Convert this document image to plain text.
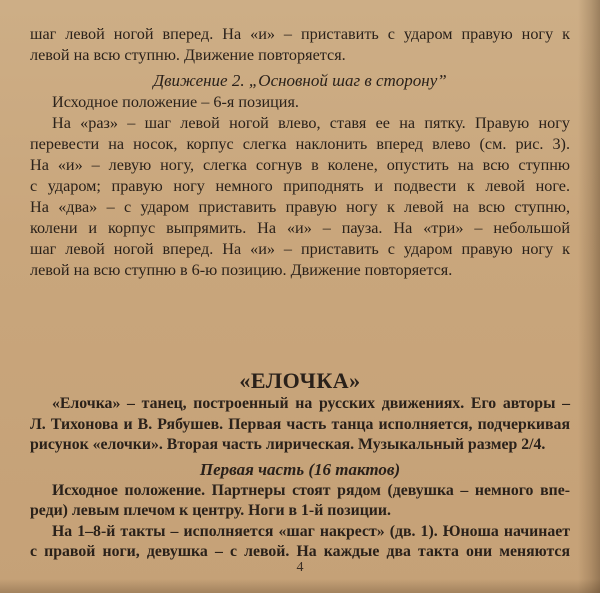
шаг левой ногой вперед. На «и» – приставить с ударом правую ногу к
левой на всю ступню. Движение повторяется.
Движение 2. „Основной шаг в сторону”
Исходное положение – 6-я позиция.
На «раз» – шаг левой ногой влево, ставя ее на пятку. Правую ногу
перевести на носок, корпус слегка наклонить вперед влево (см. рис. 3).
На «и» – левую ногу, слегка согнув в колене, опустить на всю ступню
с ударом; правую ногу немного приподнять и подвести к левой ноге.
На «два» – с ударом приставить правую ногу к левой на всю ступню,
колени и корпус выпрямить. На «и» – пауза. На «три» – небольшой
шаг левой ногой вперед. На «и» – приставить с ударом правую ногу к
левой на всю ступню в 6-ю позицию. Движение повторяется.
«ЕЛОЧКА»
«Елочка» – танец, построенный на русских движениях. Его авторы –
Л. Тихонова и В. Рябушев. Первая часть танца исполняется, подчеркивая
рисунок «елочки». Вторая часть лирическая. Музыкальный размер 2/4.
Первая часть (16 тактов)
Исходное положение. Партнеры стоят рядом (девушка – немного впе-
реди) левым плечом к центру. Ноги в 1-й позиции.
На 1–8-й такты – исполняется «шаг накрест» (дв. 1). Юноша начинает
с правой ноги, девушка – с левой. На каждые два такта они меняются
4
